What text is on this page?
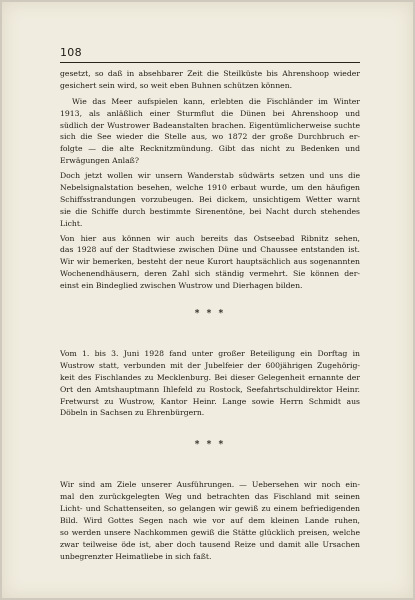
108
gesetzt, so daß in absehbarer Zeit die Steilküste bis Ahrenshoop wieder
gesichert sein wird, so weit eben Buhnen schützen können.
Wie das Meer aufspielen kann, erlebten die Fischländer im Winter
1913, als anläßlich einer Sturmflut die Dünen bei Ahrenshoop und
südlich der Wustrower Badeanstalten brachen. Eigentümlicherweise suchte
sich die See wieder die Stelle aus, wo 1872 der große Durchbruch er-
folgte — die alte Recknitzmündung. Gibt das nicht zu Bedenken und
Erwägungen Anlaß?
Doch jetzt wollen wir unsern Wanderstab südwärts setzen und uns die
Nebelsignalstation besehen, welche 1910 erbaut wurde, um den häufigen
Schiffsstrandungen vorzubeugen. Bei dickem, unsichtigem Wetter warnt
sie die Schiffe durch bestimmte Sirenentöne, bei Nacht durch stehendes
Licht.
Von hier aus können wir auch bereits das Ostseebad Ribnitz sehen,
das 1928 auf der Stadtwiese zwischen Düne und Chaussee entstanden ist.
Wir wir bemerken, besteht der neue Kurort hauptsächlich aus sogenannten
Wochenendhäusern, deren Zahl sich ständig vermehrt. Sie können der-
einst ein Bindeglied zwischen Wustrow und Dierhagen bilden.
* * *
Vom 1. bis 3. Juni 1928 fand unter großer Beteiligung ein Dorftag in
Wustrow statt, verbunden mit der Jubelfeier der 600jährigen Zugehörig-
keit des Fischlandes zu Mecklenburg. Bei dieser Gelegenheit ernannte der
Ort den Amtshauptmann Ihlefeld zu Rostock, Seefahrtschuldirektor Heinr.
Fretwurst zu Wustrow, Kantor Heinr. Lange sowie Herrn Schmidt aus
Döbeln in Sachsen zu Ehrenbürgern.
* * *
Wir sind am Ziele unserer Ausführungen. — Uebersehen wir noch ein-
mal den zurückgelegten Weg und betrachten das Fischland mit seinen
Licht- und Schattenseiten, so gelangen wir gewiß zu einem befriedigenden
Bild. Wird Gottes Segen nach wie vor auf dem kleinen Lande ruhen,
so werden unsere Nachkommen gewiß die Stätte glücklich preisen, welche
zwar teilweise öde ist, aber doch tausend Reize und damit alle Ursachen
unbegrenzter Heimatliebe in sich faßt.
